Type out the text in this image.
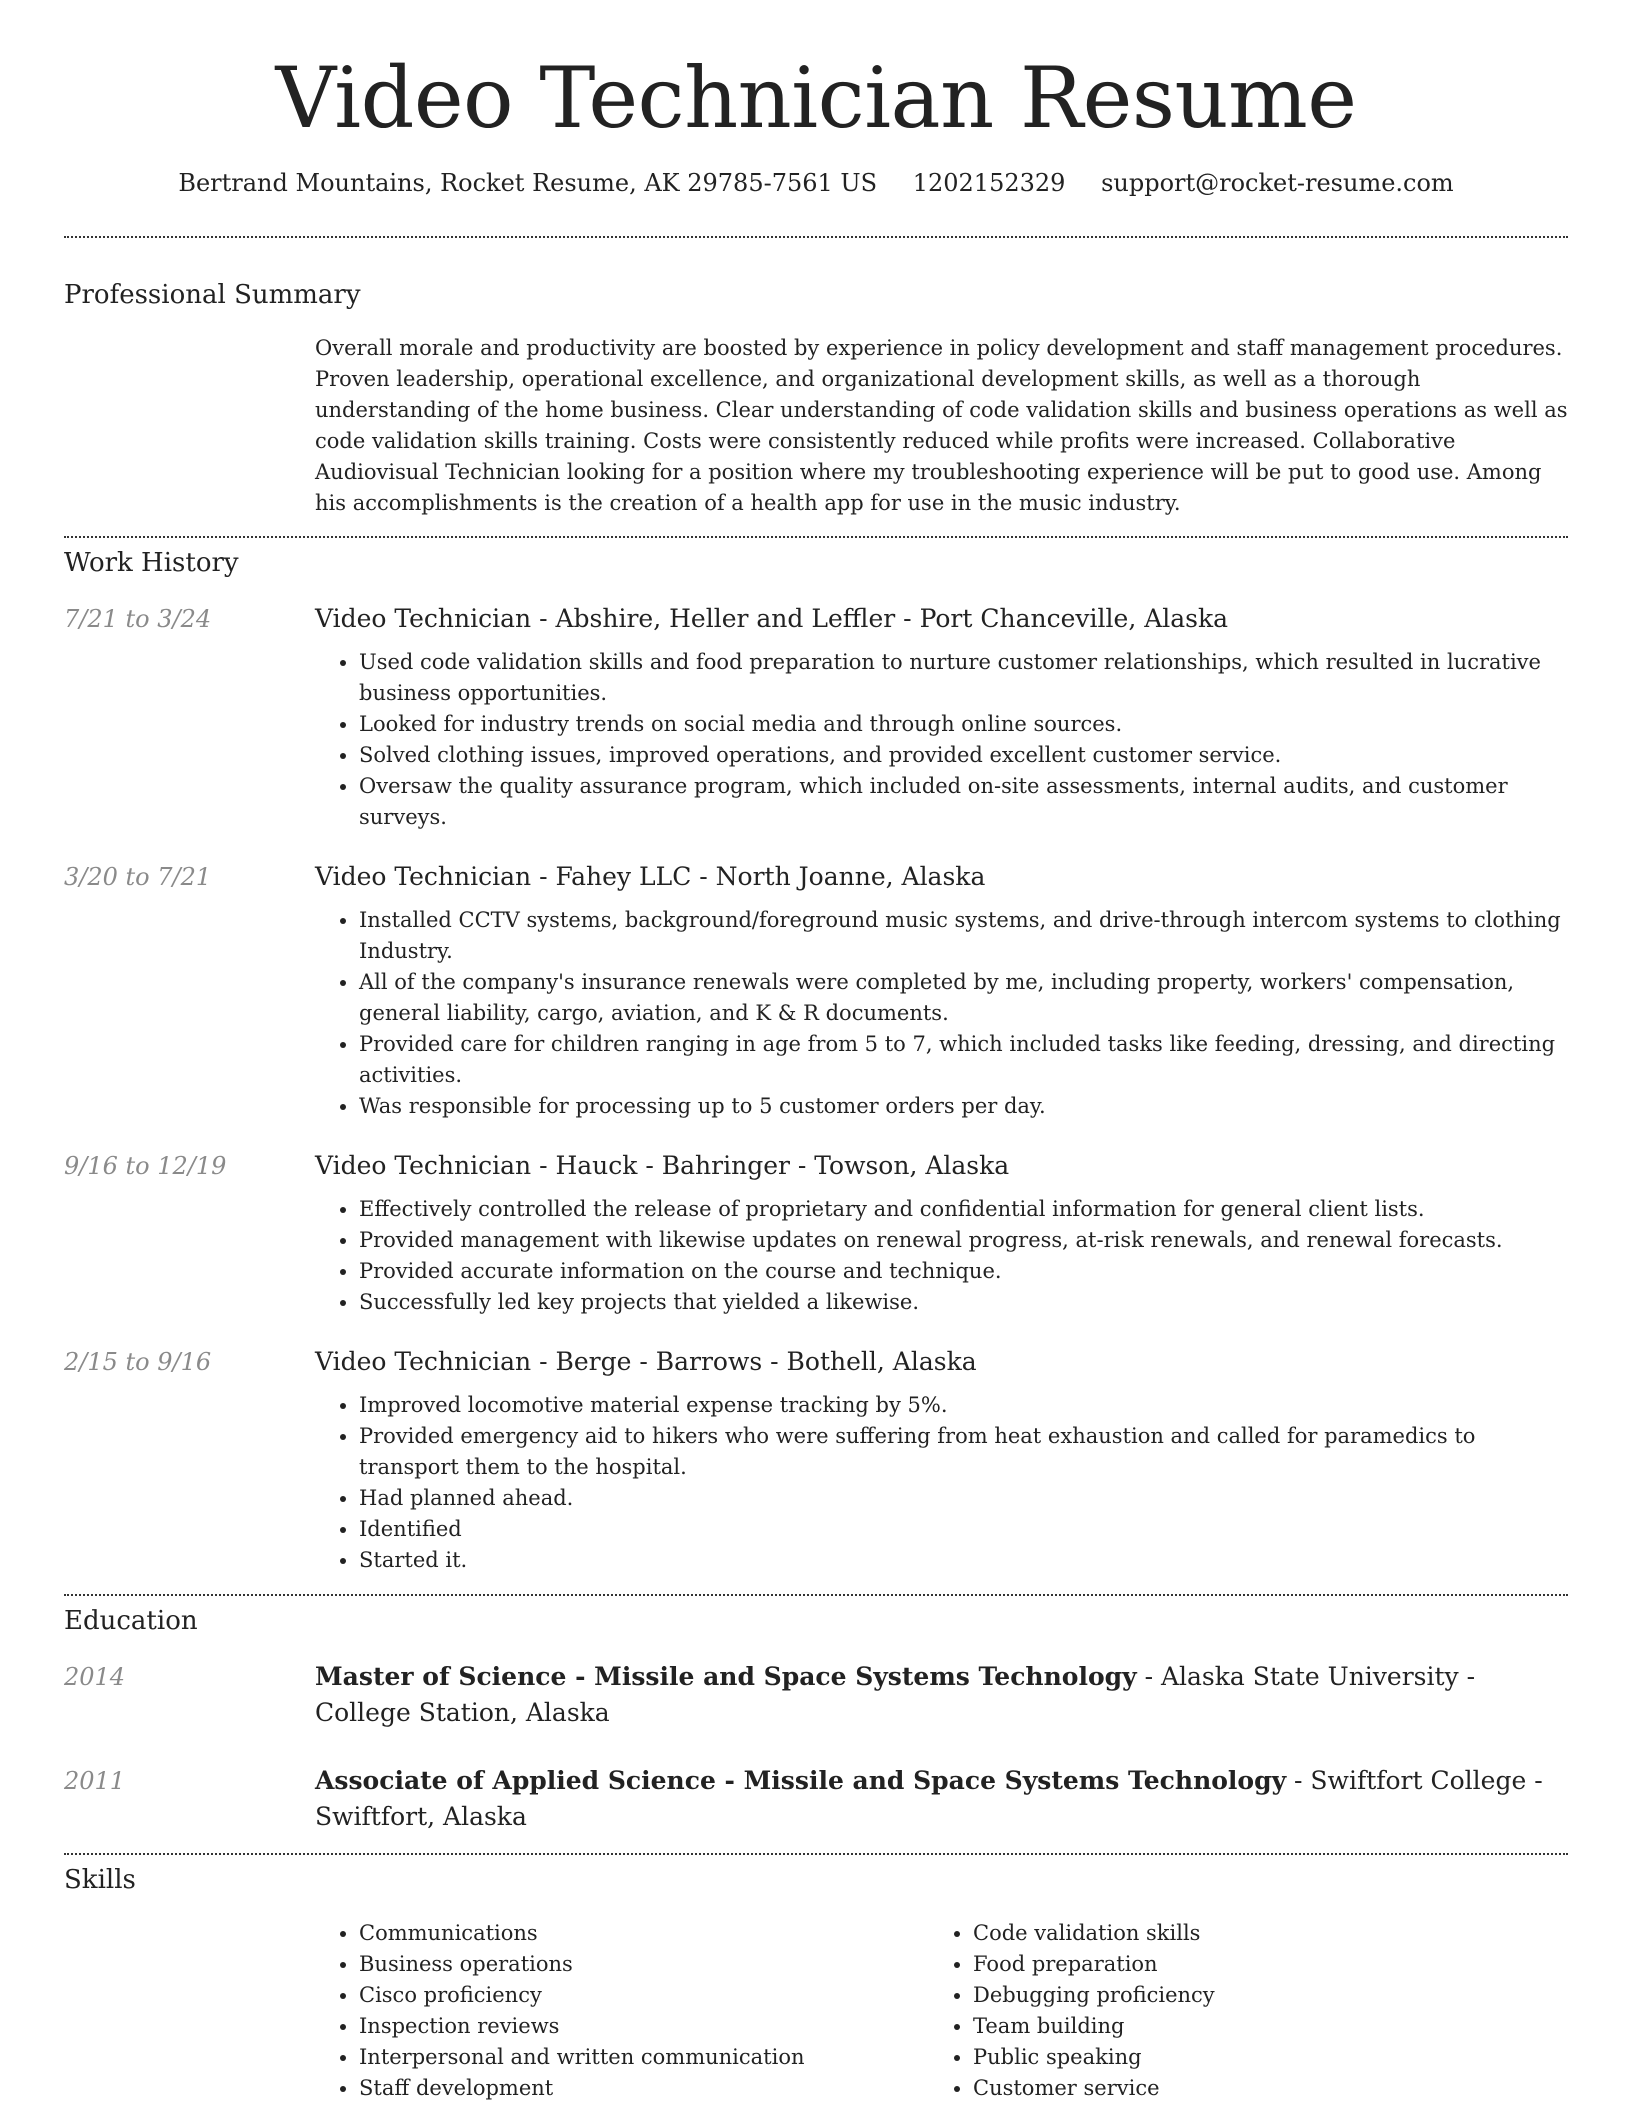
Video Technician Resume
Bertrand Mountains, Rocket Resume, AK 29785-7561 US 1202152329 support@rocket-resume.com
Professional Summary
Overall morale and productivity are boosted by experience in policy development and staff management procedures. Proven leadership, operational excellence, and organizational development skills, as well as a thorough understanding of the home business. Clear understanding of code validation skills and business operations as well as code validation skills training. Costs were consistently reduced while profits were increased. Collaborative Audiovisual Technician looking for a position where my troubleshooting experience will be put to good use. Among his accomplishments is the creation of a health app for use in the music industry.
Work History
7/21 to 3/24	Video Technician - Abshire, Heller and Leffler - Port Chanceville, Alaska
• Used code validation skills and food preparation to nurture customer relationships, which resulted in lucrative business opportunities.
• Looked for industry trends on social media and through online sources.
• Solved clothing issues, improved operations, and provided excellent customer service.
• Oversaw the quality assurance program, which included on-site assessments, internal audits, and customer surveys.
3/20 to 7/21	Video Technician - Fahey LLC - North Joanne, Alaska
• Installed CCTV systems, background/foreground music systems, and drive-through intercom systems to clothing Industry.
• All of the company's insurance renewals were completed by me, including property, workers' compensation, general liability, cargo, aviation, and K & R documents.
• Provided care for children ranging in age from 5 to 7, which included tasks like feeding, dressing, and directing activities.
• Was responsible for processing up to 5 customer orders per day.
9/16 to 12/19	Video Technician - Hauck - Bahringer - Towson, Alaska
• Effectively controlled the release of proprietary and confidential information for general client lists.
• Provided management with likewise updates on renewal progress, at-risk renewals, and renewal forecasts.
• Provided accurate information on the course and technique.
• Successfully led key projects that yielded a likewise.
2/15 to 9/16	Video Technician - Berge - Barrows - Bothell, Alaska
• Improved locomotive material expense tracking by 5%.
• Provided emergency aid to hikers who were suffering from heat exhaustion and called for paramedics to transport them to the hospital.
• Had planned ahead.
• Identified
• Started it.
Education
2014	Master of Science - Missile and Space Systems Technology - Alaska State University - College Station, Alaska
2011	Associate of Applied Science - Missile and Space Systems Technology - Swiftfort College - Swiftfort, Alaska
Skills
• Communications
• Business operations
• Cisco proficiency
• Inspection reviews
• Interpersonal and written communication
• Staff development
• Code validation skills
• Food preparation
• Debugging proficiency
• Team building
• Public speaking
• Customer service
